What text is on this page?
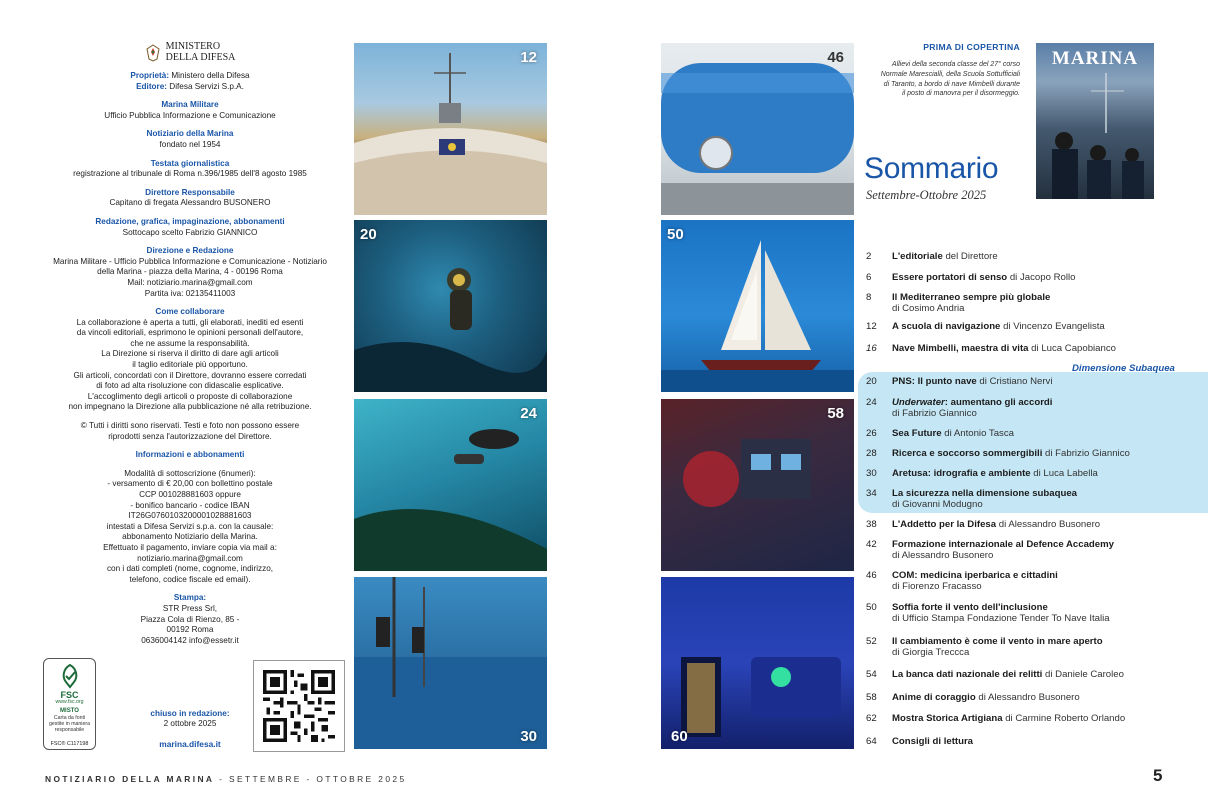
MINISTERO
DELLA DIFESA
Proprietà: Ministero della Difesa
Editore: Difesa Servizi S.p.A.
Marina Militare
Ufficio Pubblica Informazione e Comunicazione
Notiziario della Marina
fondato nel 1954
Testata giornalistica
registrazione al tribunale di Roma n.396/1985 dell'8 agosto 1985
Direttore Responsabile
Capitano di fregata Alessandro BUSONERO
Redazione, grafica, impaginazione, abbonamenti
Sottocapo scelto Fabrizio GIANNICO
Direzione e Redazione
Marina Militare - Ufficio Pubblica Informazione e Comunicazione - Notiziario
della Marina - piazza della Marina, 4 - 00196 Roma
Mail: notiziario.marina@gmail.com
Partita iva: 02135411003
Come collaborare
La collaborazione è aperta a tutti, gli elaborati, inediti ed esenti
da vincoli editoriali, esprimono le opinioni personali dell'autore,
che ne assume la responsabilità.
La Direzione si riserva il diritto di dare agli articoli
il taglio editoriale più opportuno.
Gli articoli, concordati con il Direttore, dovranno essere corredati
di foto ad alta risoluzione con didascalie esplicative.
L'accoglimento degli articoli o proposte di collaborazione
non impegnano la Direzione alla pubblicazione né alla retribuzione.
© Tutti i diritti sono riservati. Testi e foto non possono essere
riprodotti senza l'autorizzazione del Direttore.
Informazioni e abbonamenti
Modalità di sottoscrizione (6numeri):
- versamento di € 20,00 con bollettino postale
CCP 001028881603 oppure
- bonifico bancario - codice IBAN
IT26G0760103200001028881603
intestati a Difesa Servizi s.p.a. con la causale:
abbonamento Notiziario della Marina.
Effettuato il pagamento, inviare copia via mail a:
notiziario.marina@gmail.com
con i dati completi (nome, cognome, indirizzo,
telefono, codice fiscale ed email).
Stampa:
STR Press Srl,
Piazza Cola di Rienzo, 85 -
00192 Roma
0636004142 info@essetr.it
FSC
www.fsc.org
MISTO
Carta da fonti gestite in maniera responsabile
FSC® C117198
chiuso in redazione:
2 ottobre 2025
marina.difesa.it
12
20
24
30
46
50
58
60
PRIMA DI COPERTINA
Allievi della seconda classe del 27° corso
Normale Marescialli, della Scuola Sottufficiali
di Taranto, a bordo di nave Mimbelli durante
il posto di manovra per il disormeggio.
MARINA
Sommario
Settembre-Ottobre 2025
Dimensione Subaquea
2	L'editoriale del Direttore
6	Essere portatori di senso di Jacopo Rollo
8	Il Mediterraneo sempre più globale
di Cosimo Andria
12	A scuola di navigazione di Vincenzo Evangelista
16	Nave Mimbelli, maestra di vita di Luca Capobianco
20	PNS: Il punto nave di Cristiano Nervi
24	Underwater: aumentano gli accordi
di Fabrizio Giannico
26	Sea Future di Antonio Tasca
28	Ricerca e soccorso sommergibili di Fabrizio Giannico
30	Aretusa: idrografia e ambiente di Luca Labella
34	La sicurezza nella dimensione subaquea
di Giovanni Modugno
38	L'Addetto per la Difesa di Alessandro Busonero
42	Formazione internazionale al Defence Accademy
di Alessandro Busonero
46	COM: medicina iperbarica e cittadini
di Fiorenzo Fracasso
50	Soffia forte il vento dell'inclusione
di Ufficio Stampa Fondazione Tender To Nave Italia
52	Il cambiamento è come il vento in mare aperto
di Giorgia Treccca
54	La banca dati nazionale dei relitti di Daniele Caroleo
58	Anime di coraggio di Alessandro Busonero
62	Mostra Storica Artigiana di Carmine Roberto Orlando
64	Consigli di lettura
NOTIZIARIO DELLA MARINA - SETTEMBRE - OTTOBRE 2025	5
